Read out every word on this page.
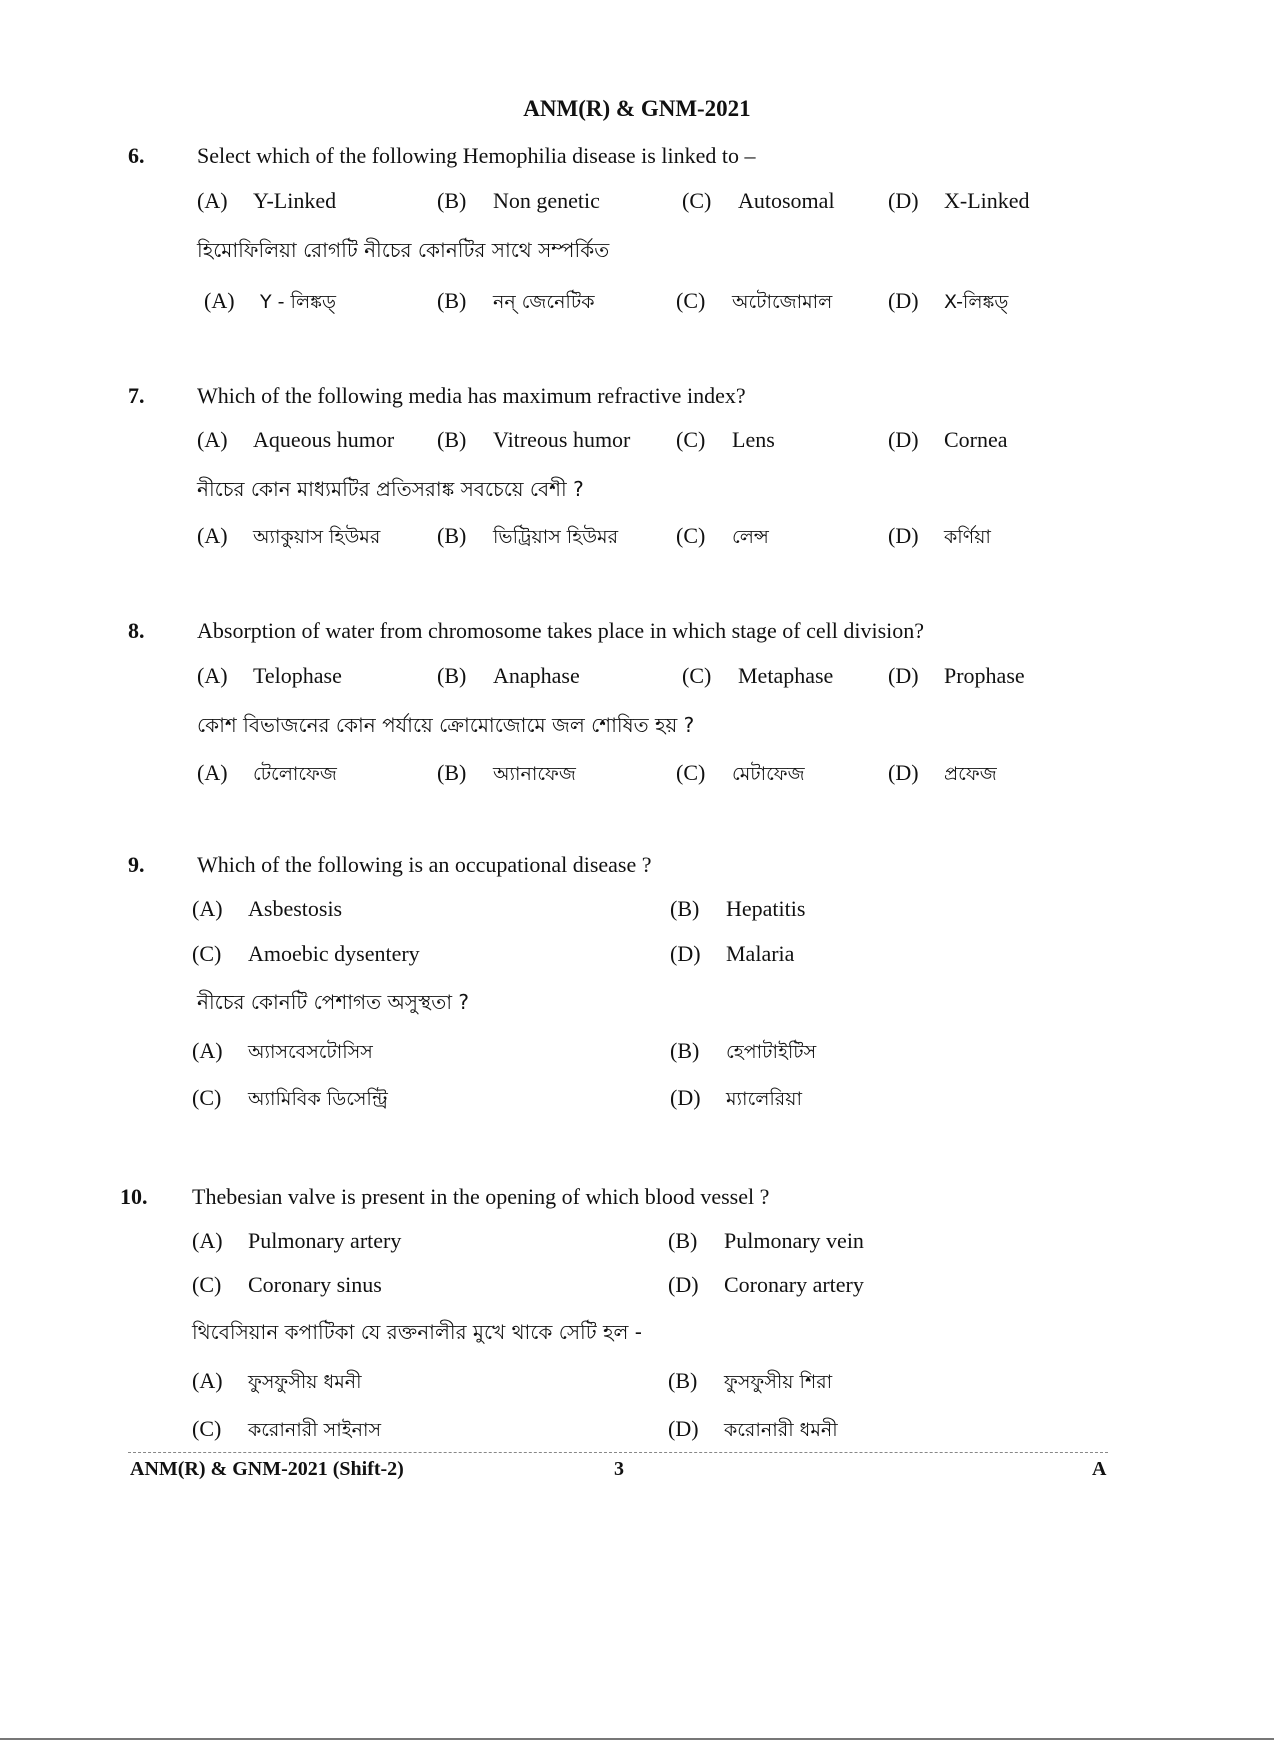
ANM(R) & GNM-2021
6. Select which of the following Hemophilia disease is linked to –
(A) Y-Linked	(B) Non genetic	(C) Autosomal (D) X-Linked
হিমোফিলিয়া রোগটি নীচের কোনটির সাথে সম্পর্কিত
(A) Y - লিঙ্কড্	(B) নন্ জেনেটিক	(C) অটোজোমাল	(D) X-লিঙ্কড্
7. Which of the following media has maximum refractive index?
(A) Aqueous humor (B) Vitreous humor (C) Lens	(D) Cornea
নীচের কোন মাধ্যমটির প্রতিসরাঙ্ক সবচেয়ে বেশী ?
(A) অ্যাকুয়াস হিউমর	(B) ভিট্রিয়াস হিউমর	(C) লেন্স	(D) কর্ণিয়া
8. Absorption of water from chromosome takes place in which stage of cell division?
(A) Telophase	(B) Anaphase	(C) Metaphase (D) Prophase
কোশ বিভাজনের কোন পর্যায়ে ক্রোমোজোমে জল শোষিত হয় ?
(A) টেলোফেজ	(B) অ্যানাফেজ	(C) মেটাফেজ	(D) প্রফেজ
9. Which of the following is an occupational disease ?
(A) Asbestosis	(B) Hepatitis
(C) Amoebic dysentery	(D) Malaria
নীচের কোনটি পেশাগত অসুস্থতা ?
(A) অ্যাসবেসটোসিস	(B) হেপাটাইটিস
(C) অ্যামিবিক ডিসেন্ট্রি	(D) ম্যালেরিয়া
10. Thebesian valve is present in the opening of which blood vessel ?
(A) Pulmonary artery	(B) Pulmonary vein
(C) Coronary sinus	(D) Coronary artery
থিবেসিয়ান কপাটিকা যে রক্তনালীর মুখে থাকে সেটি হল -
(A) ফুসফুসীয় ধমনী	(B) ফুসফুসীয় শিরা
(C) করোনারী সাইনাস	(D) করোনারী ধমনী
ANM(R) & GNM-2021 (Shift-2)	3	A
